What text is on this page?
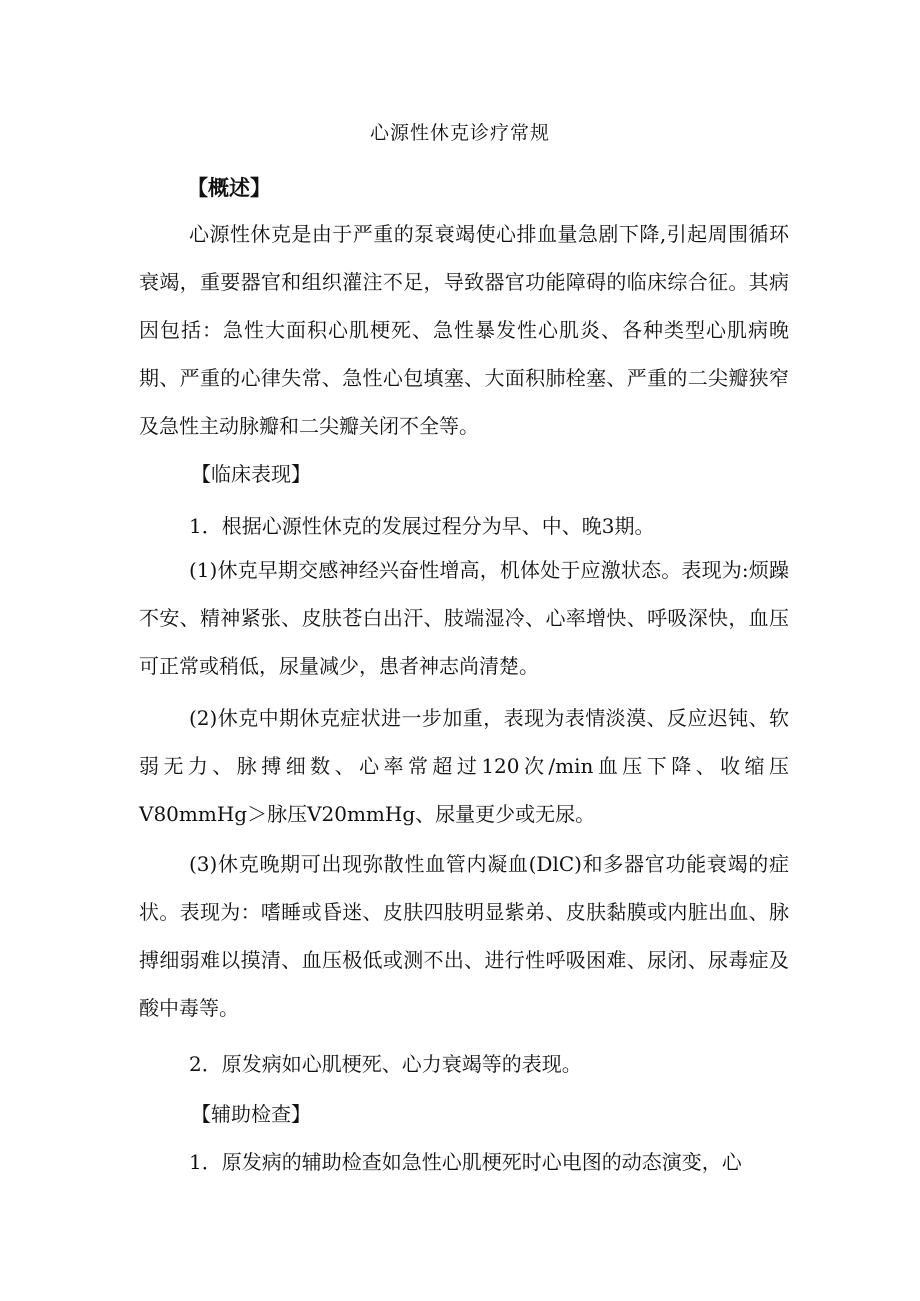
心源性休克诊疗常规
【概述】

心源性休克是由于严重的泵衰竭使心排血量急剧下降,引起周围循环衰竭，重要器官和组织灌注不足，导致器官功能障碍的临床综合征。其病因包括：急性大面积心肌梗死、急性暴发性心肌炎、各种类型心肌病晚期、严重的心律失常、急性心包填塞、大面积肺栓塞、严重的二尖瓣狭窄及急性主动脉瓣和二尖瓣关闭不全等。

【临床表现】
1．根据心源性休克的发展过程分为早、中、晚3期。

(1)休克早期交感神经兴奋性增高，机体处于应激状态。表现为:烦躁不安、精神紧张、皮肤苍白出汗、肢端湿冷、心率增快、呼吸深快，血压可正常或稍低，尿量减少，患者神志尚清楚。

(2)休克中期休克症状进一步加重，表现为表情淡漠、反应迟钝、软弱无力、脉搏细数、心率常超过120次/min血压下降、收缩压V80mmHg＞脉压V20mmHg、尿量更少或无尿。

(3)休克晚期可出现弥散性血管内凝血(DlC)和多器官功能衰竭的症状。表现为：嗜睡或昏迷、皮肤四肢明显紫弟、皮肤黏膜或内脏出血、脉搏细弱难以摸清、血压极低或测不出、进行性呼吸困难、尿闭、尿毒症及酸中毒等。

2．原发病如心肌梗死、心力衰竭等的表现。
【辅助检查】
1．原发病的辅助检查如急性心肌梗死时心电图的动态演变，心
